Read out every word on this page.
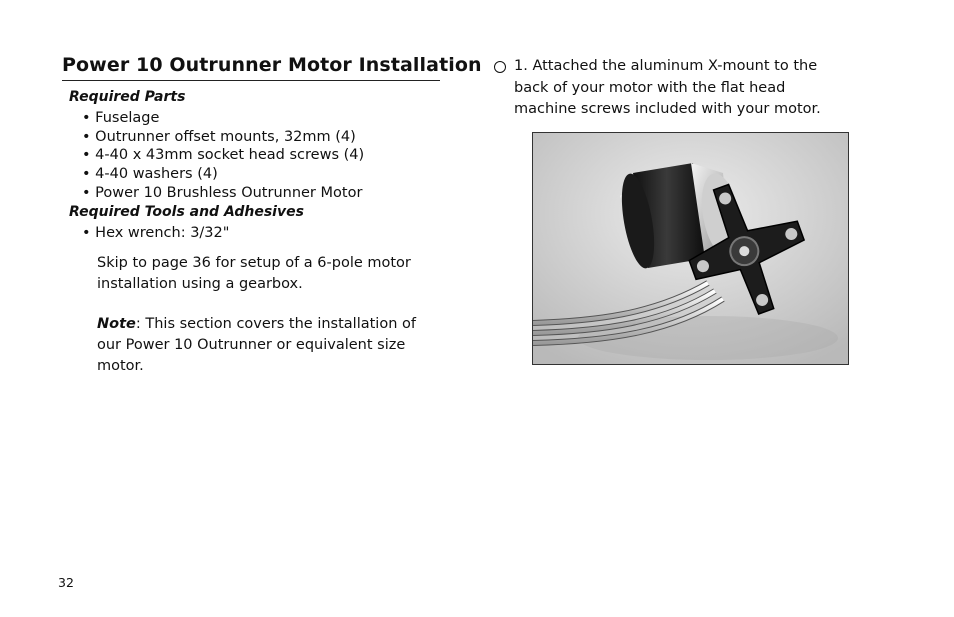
Power 10 Outrunner Motor Installation

Required Parts

• Fuselage
• Outrunner offset mounts, 32mm (4)
• 4-40 x 43mm socket head screws (4)
• 4-40 washers (4)
• Power 10 Brushless Outrunner Motor

Required Tools and Adhesives

• Hex wrench: 3/32"

Skip to page 36 for setup of a 6-pole motor installation using a gearbox.

Note: This section covers the installation of our Power 10 Outrunner or equivalent size motor.

1. Attached the aluminum X-mount to the back of your motor with the flat head machine screws included with your motor.
32
